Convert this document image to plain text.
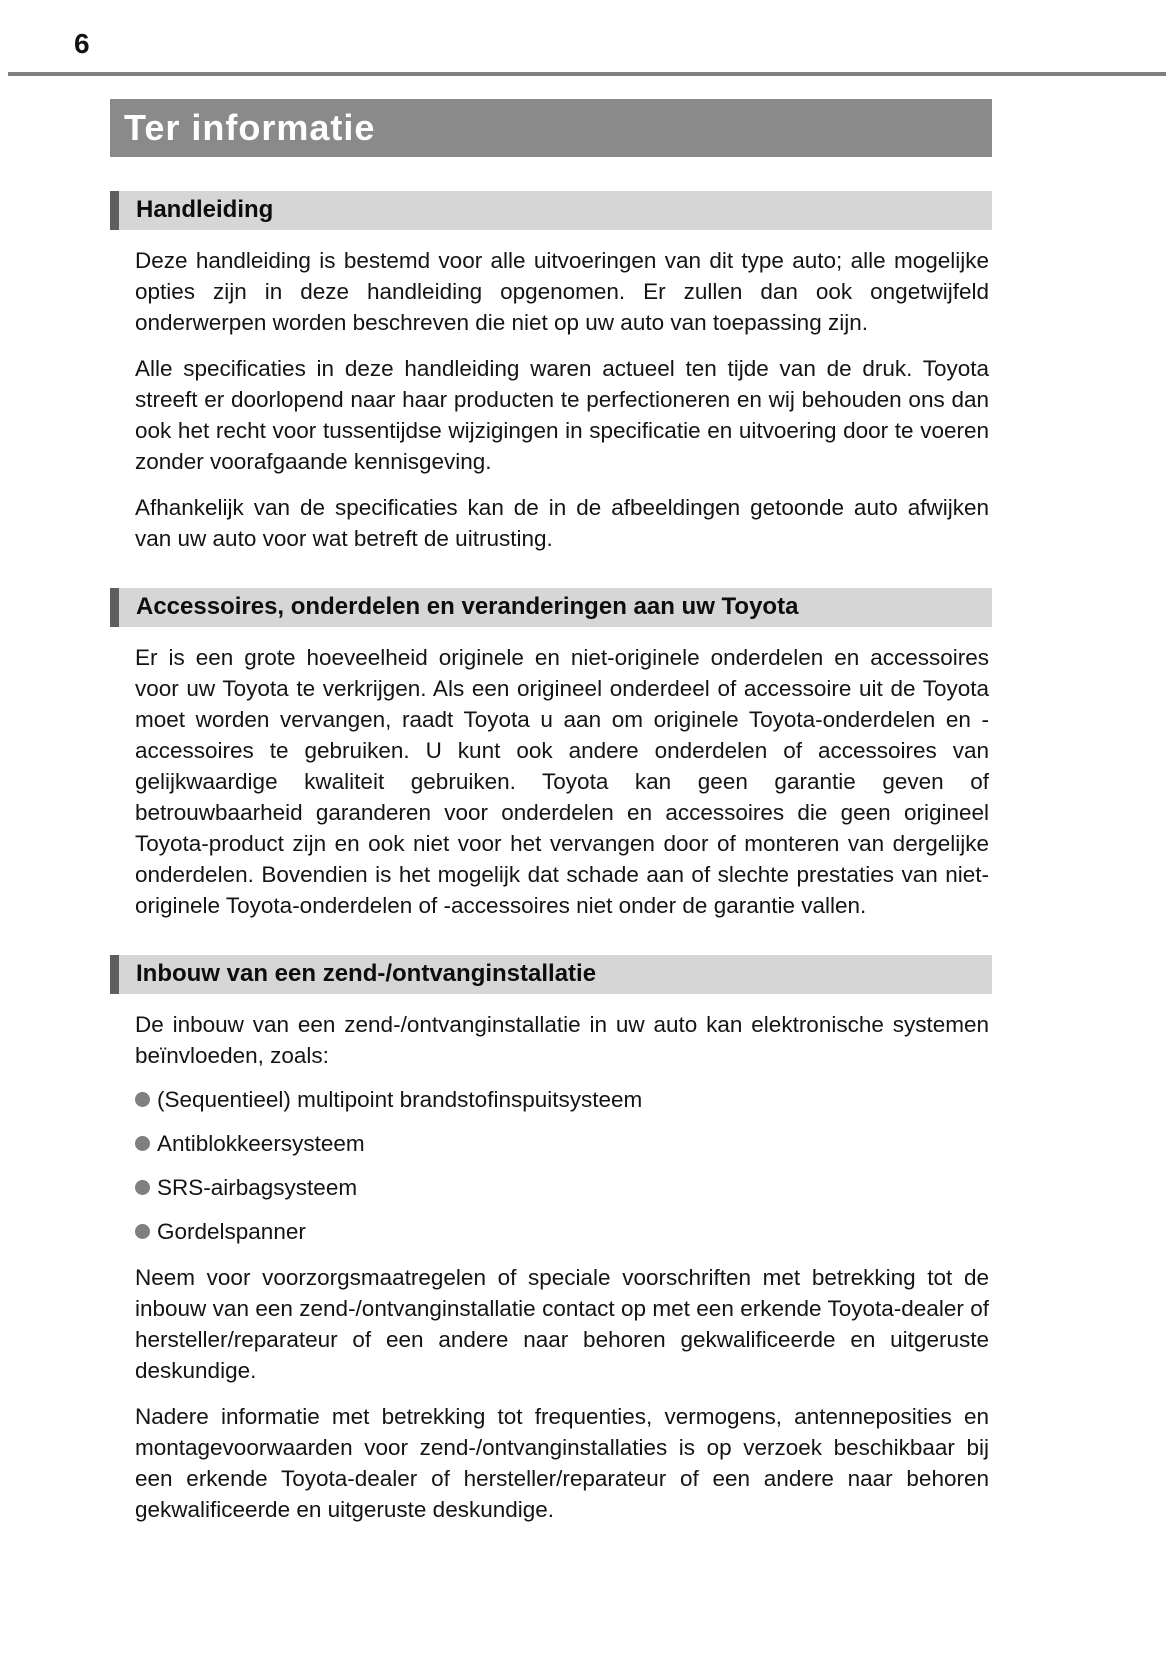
6
Ter informatie
Handleiding

Deze handleiding is bestemd voor alle uitvoeringen van dit type auto; alle mogelijke opties zijn in deze handleiding opgenomen. Er zullen dan ook ongetwijfeld onderwerpen worden beschreven die niet op uw auto van toepassing zijn.

Alle specificaties in deze handleiding waren actueel ten tijde van de druk. Toyota streeft er doorlopend naar haar producten te perfectioneren en wij behouden ons dan ook het recht voor tussentijdse wijzigingen in specificatie en uitvoering door te voeren zonder voorafgaande kennisgeving.

Afhankelijk van de specificaties kan de in de afbeeldingen getoonde auto afwijken van uw auto voor wat betreft de uitrusting.

Accessoires, onderdelen en veranderingen aan uw Toyota

Er is een grote hoeveelheid originele en niet-originele onderdelen en accessoires voor uw Toyota te verkrijgen. Als een origineel onderdeel of accessoire uit de Toyota moet worden vervangen, raadt Toyota u aan om originele Toyota-onderdelen en -accessoires te gebruiken. U kunt ook andere onderdelen of accessoires van gelijkwaardige kwaliteit gebruiken. Toyota kan geen garantie geven of betrouwbaarheid garanderen voor onderdelen en accessoires die geen origineel Toyota-product zijn en ook niet voor het vervangen door of monteren van dergelijke onderdelen. Bovendien is het mogelijk dat schade aan of slechte prestaties van niet-originele Toyota-onderdelen of -accessoires niet onder de garantie vallen.

Inbouw van een zend-/ontvanginstallatie

De inbouw van een zend-/ontvanginstallatie in uw auto kan elektronische systemen beïnvloeden, zoals:

(Sequentieel) multipoint brandstofinspuitsysteem
Antiblokkeersysteem
SRS-airbagsysteem
Gordelspanner

Neem voor voorzorgsmaatregelen of speciale voorschriften met betrekking tot de inbouw van een zend-/ontvanginstallatie contact op met een erkende Toyota-dealer of hersteller/reparateur of een andere naar behoren gekwalificeerde en uitgeruste deskundige.

Nadere informatie met betrekking tot frequenties, vermogens, antenneposities en montagevoorwaarden voor zend-/ontvanginstallaties is op verzoek beschikbaar bij een erkende Toyota-dealer of hersteller/reparateur of een andere naar behoren gekwalificeerde en uitgeruste deskundige.
